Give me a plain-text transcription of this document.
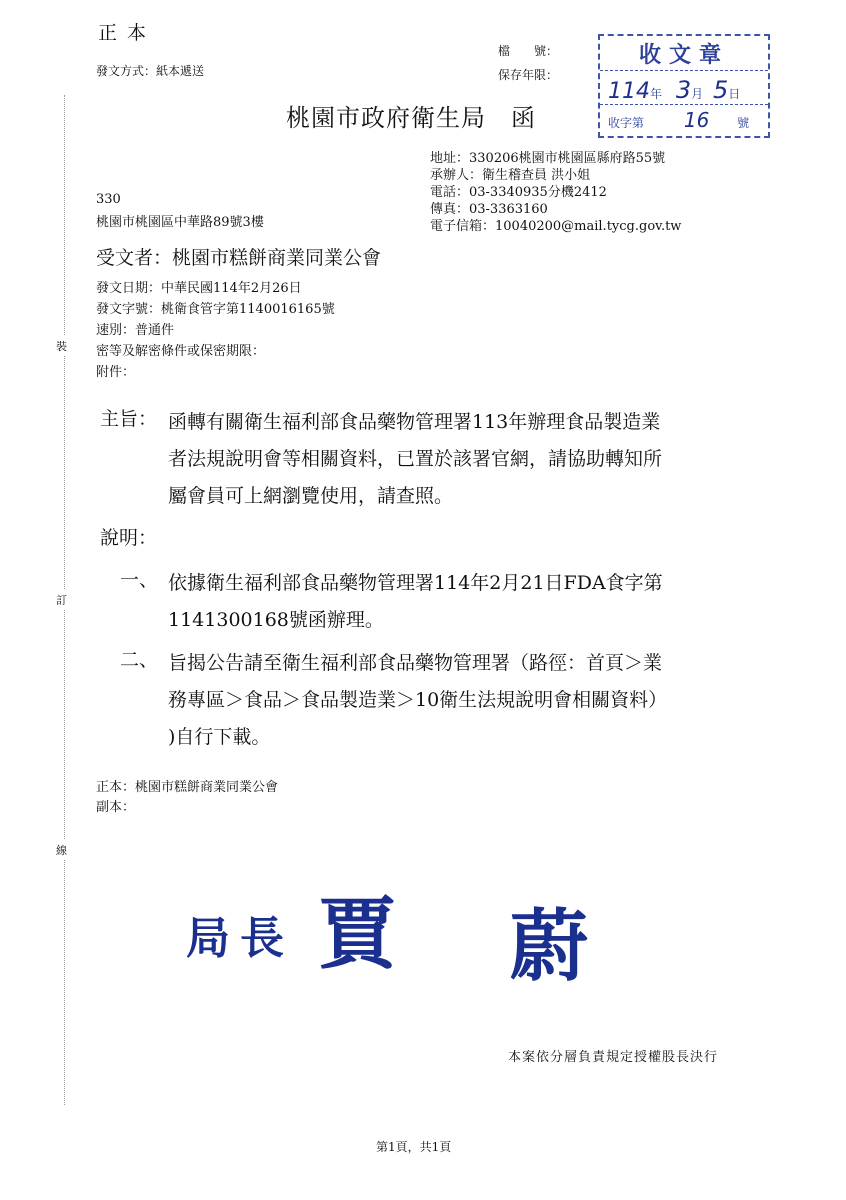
裝
訂
線
正 本
發文方式：紙本遞送
檔　　號：
保存年限：
收文章
114年 3月 5日
收字第 16 號
桃園市政府衛生局　函
地址：330206桃園市桃園區縣府路55號
承辦人：衛生稽查員 洪小姐
電話：03-3340935分機2412
傳真：03-3363160
電子信箱：10040200@mail.tycg.gov.tw
330
桃園市桃園區中華路89號3樓
受文者：桃園市糕餅商業同業公會
發文日期：中華民國114年2月26日
發文字號：桃衛食管字第1140016165號
速別：普通件
密等及解密條件或保密期限：
附件：
主旨： 函轉有關衛生福利部食品藥物管理署113年辦理食品製造業
者法規說明會等相關資料，已置於該署官網，請協助轉知所
屬會員可上網瀏覽使用，請查照。
說明：
一、 依據衛生福利部食品藥物管理署114年2月21日FDA食字第
1141300168號函辦理。
二、 旨揭公告請至衛生福利部食品藥物管理署（路徑：首頁＞業
務專區＞食品＞食品製造業＞10衛生法規說明會相關資料）
)自行下載。
正本：桃園市糕餅商業同業公會
副本：
局長 賈 蔚
本案依分層負責規定授權股長決行
第1頁，共1頁
